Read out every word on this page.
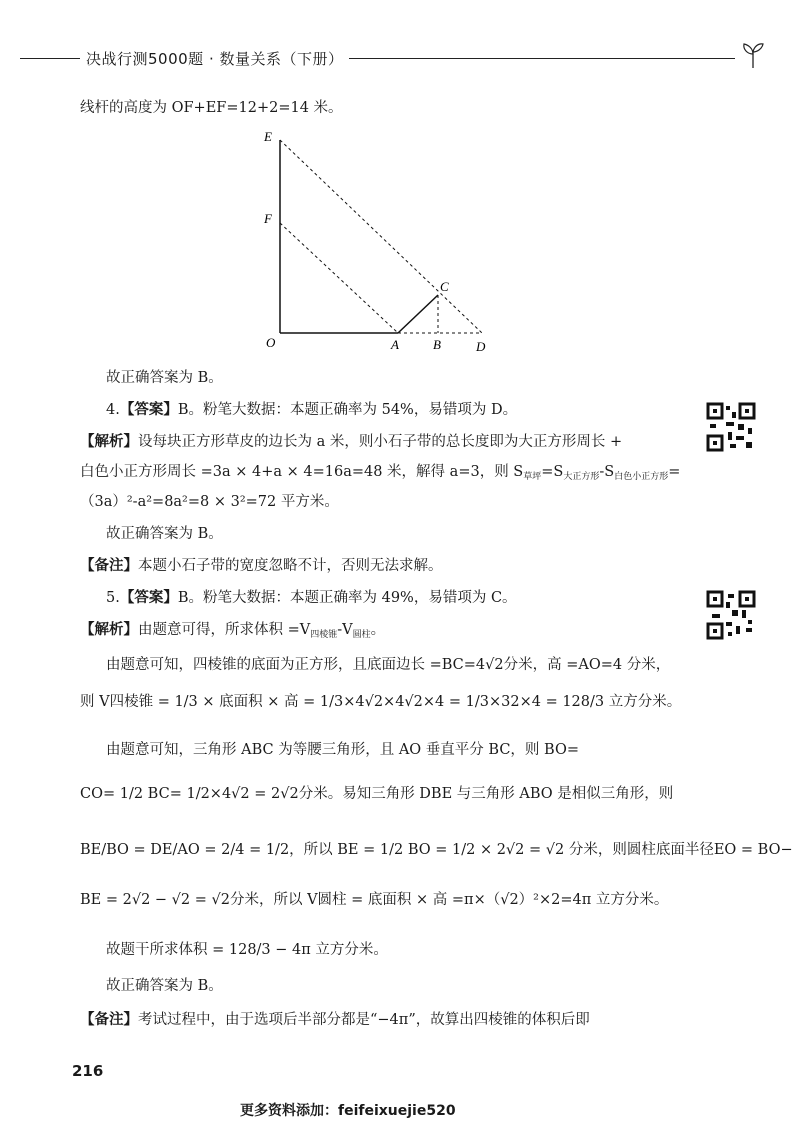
决战行测5000题 · 数量关系（下册）
线杆的高度为 OF+EF=12+2=14 米。
E
F
C
O	A	B	D
故正确答案为 B。
4.【答案】B。粉笔大数据：本题正确率为 54%，易错项为 D。
【解析】设每块正方形草皮的边长为 a 米，则小石子带的总长度即为大正方形周长 +
白色小正方形周长 =3a × 4+a × 4=16a=48 米，解得 a=3，则 $S_{草坪}=S_{大正方形}-S_{白色小正方形}=$
（3a）²-a²=8a²=8 × 3²=72 平方米。
故正确答案为 B。
【备注】本题小石子带的宽度忽略不计，否则无法求解。
5.【答案】B。粉笔大数据：本题正确率为 49%，易错项为 C。
【解析】由题意可得，所求体积 $=V_{四棱锥}-V_{圆柱}$。
由题意可知，四棱锥的底面为正方形，且底面边长 =BC=4√2分米，高 =AO=4 分米，
则 V四棱锥 = 1/3 × 底面积 × 高 = 1/3×4√2×4√2×4 = 1/3×32×4 = 128/3 立方分米。
由题意可知，三角形 ABC 为等腰三角形，且 AO 垂直平分 BC，则 BO=
CO= 1/2 BC= 1/2×4√2 = 2√2分米。易知三角形 DBE 与三角形 ABO 是相似三角形，则
BE/BO = DE/AO = 2/4 = 1/2，所以 BE = 1/2 BO = 1/2 × 2√2 = √2 分米，则圆柱底面半径EO = BO−
BE = 2√2 − √2 = √2分米，所以 V圆柱 = 底面积 × 高 =π×（√2）²×2=4π 立方分米。
故题干所求体积 = 128/3 − 4π 立方分米。
故正确答案为 B。
【备注】考试过程中，由于选项后半部分都是“−4π”，故算出四棱锥的体积后即
216
更多资料添加：feifeixuejie520
